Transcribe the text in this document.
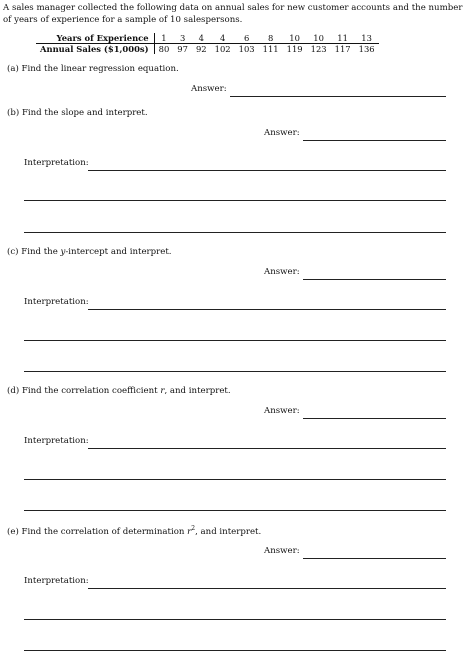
A sales manager collected the following data on annual sales for new customer accounts and the number of years of experience for a sample of 10 salespersons.

Years of Experience	1	3	4	4	6	8	10	10	11	13
Annual Sales ($1,000s)	80	97	92	102	103	111	119	123	117	136
(a) Find the linear regression equation.
Answer:
(b) Find the slope and interpret.
Answer:
Interpretation:
(c) Find the y-intercept and interpret.
Answer:
Interpretation:
(d) Find the correlation coefficient r, and interpret.
Answer:
Interpretation:
(e) Find the correlation of determination $r^2$, and interpret.
Answer:
Interpretation:
